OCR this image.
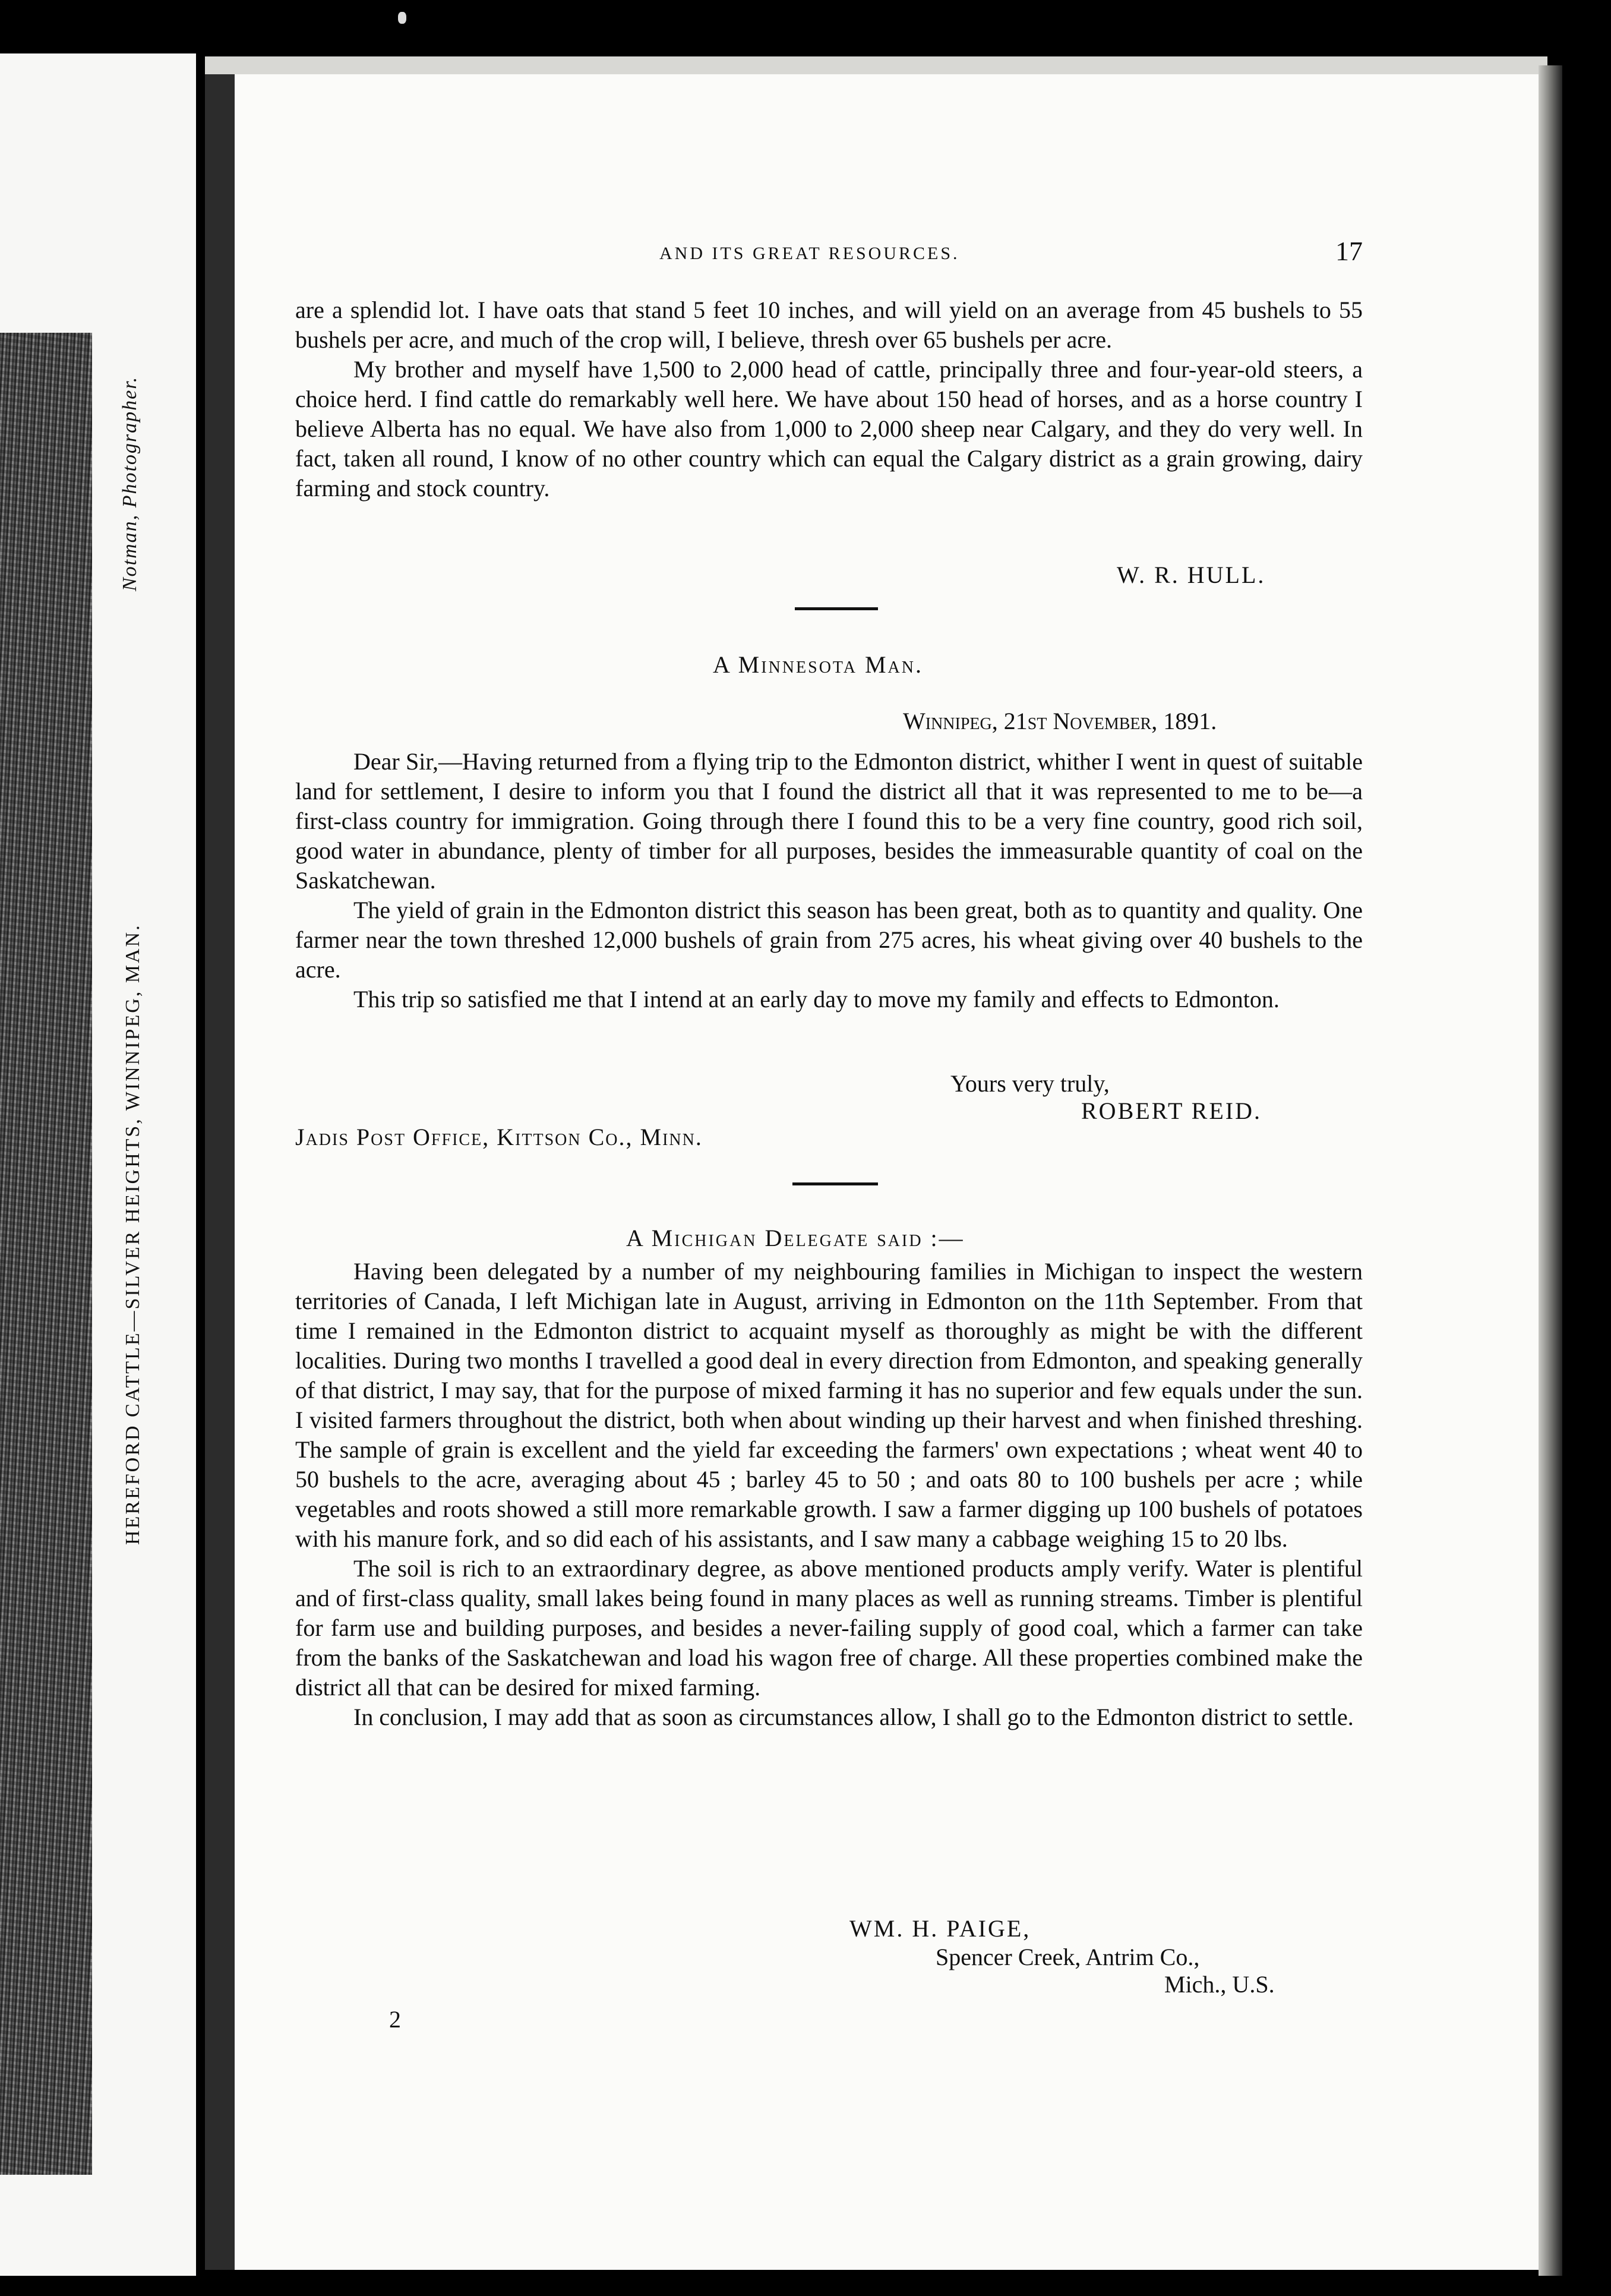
Notman, Photographer.
HEREFORD CATTLE—SILVER HEIGHTS, WINNIPEG, MAN.
AND ITS GREAT RESOURCES.	17

are a splendid lot. I have oats that stand 5 feet 10 inches, and will yield on an average from 45 bushels to 55 bushels per acre, and much of the crop will, I believe, thresh over 65 bushels per acre.

My brother and myself have 1,500 to 2,000 head of cattle, principally three and four-year-old steers, a choice herd. I find cattle do remarkably well here. We have about 150 head of horses, and as a horse country I believe Alberta has no equal. We have also from 1,000 to 2,000 sheep near Calgary, and they do very well. In fact, taken all round, I know of no other country which can equal the Calgary district as a grain growing, dairy farming and stock country.

W. R. HULL.
A Minnesota Man.
Winnipeg, 21st November, 1891.

Dear Sir,—Having returned from a flying trip to the Edmonton district, whither I went in quest of suitable land for settlement, I desire to inform you that I found the district all that it was represented to me to be—a first-class country for immigration. Going through there I found this to be a very fine country, good rich soil, good water in abundance, plenty of timber for all purposes, besides the immeasurable quantity of coal on the Saskatchewan.

The yield of grain in the Edmonton district this season has been great, both as to quantity and quality. One farmer near the town threshed 12,000 bushels of grain from 275 acres, his wheat giving over 40 bushels to the acre.

This trip so satisfied me that I intend at an early day to move my family and effects to Edmonton.

Yours very truly,
ROBERT REID.
Jadis Post Office, Kittson Co., Minn.
A Michigan Delegate said :—

Having been delegated by a number of my neighbouring families in Michigan to inspect the western territories of Canada, I left Michigan late in August, arriving in Edmonton on the 11th September. From that time I remained in the Edmonton district to acquaint myself as thoroughly as might be with the different localities. During two months I travelled a good deal in every direction from Edmonton, and speaking generally of that district, I may say, that for the purpose of mixed farming it has no superior and few equals under the sun. I visited farmers throughout the district, both when about winding up their harvest and when finished threshing. The sample of grain is excellent and the yield far exceeding the farmers' own expectations ; wheat went 40 to 50 bushels to the acre, averaging about 45 ; barley 45 to 50 ; and oats 80 to 100 bushels per acre ; while vegetables and roots showed a still more remarkable growth. I saw a farmer digging up 100 bushels of potatoes with his manure fork, and so did each of his assistants, and I saw many a cabbage weighing 15 to 20 lbs.

The soil is rich to an extraordinary degree, as above mentioned products amply verify. Water is plentiful and of first-class quality, small lakes being found in many places as well as running streams. Timber is plentiful for farm use and building purposes, and besides a never-failing supply of good coal, which a farmer can take from the banks of the Saskatchewan and load his wagon free of charge. All these properties combined make the district all that can be desired for mixed farming.

In conclusion, I may add that as soon as circumstances allow, I shall go to the Edmonton district to settle.

WM. H. PAIGE,
Spencer Creek, Antrim Co.,
Mich., U.S.
2
